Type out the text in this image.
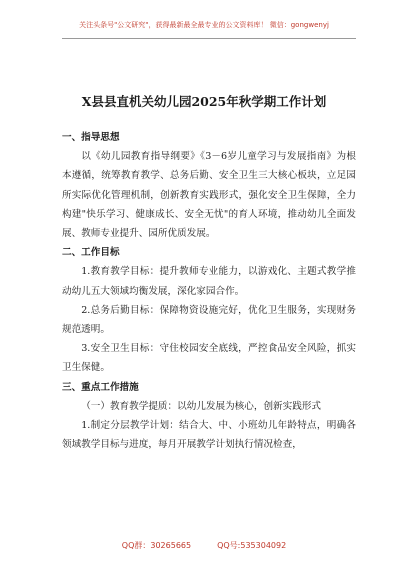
关注头条号"公文研究"，获得最新最全最专业的公文资料库！ 微信：gongwenyj
X县县直机关幼儿园2025年秋学期工作计划

一、指导思想

以《幼儿园教育指导纲要》《3－6岁儿童学习与发展指南》为根本遵循，统筹教育教学、总务后勤、安全卫生三大核心板块，立足园所实际优化管理机制，创新教育实践形式，强化安全卫生保障，全力构建"快乐学习、健康成长、安全无忧"的育人环境，推动幼儿全面发展、教师专业提升、园所优质发展。

二、工作目标

1.教育教学目标：提升教师专业能力，以游戏化、主题式教学推动幼儿五大领域均衡发展，深化家园合作。

2.总务后勤目标：保障物资设施完好，优化卫生服务，实现财务规范透明。

3.安全卫生目标：守住校园安全底线，严控食品安全风险，抓实卫生保健。

三、重点工作措施

（一）教育教学提质：以幼儿发展为核心，创新实践形式

1.制定分层教学计划：结合大、中、小班幼儿年龄特点，明确各领域教学目标与进度，每月开展教学计划执行情况检查，

QQ群：30265665	QQ号:535304092
